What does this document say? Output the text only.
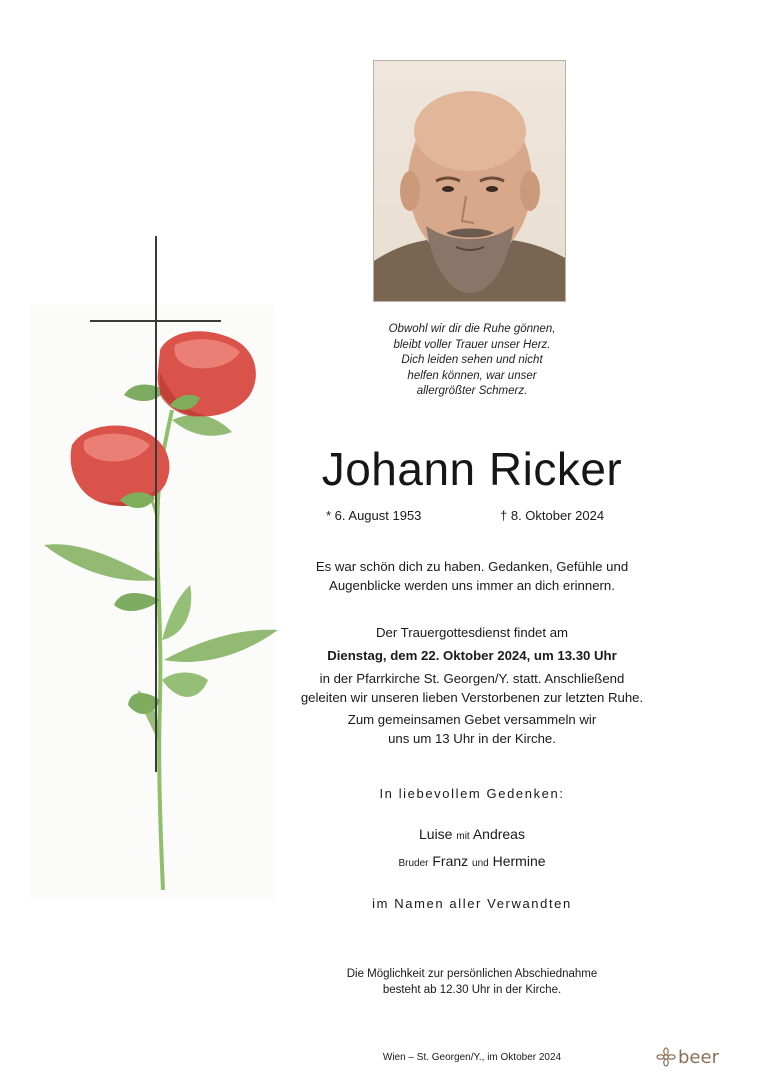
Obwohl wir dir die Ruhe gönnen,
bleibt voller Trauer unser Herz.
Dich leiden sehen und nicht
helfen können, war unser
allergrößter Schmerz.
Johann Ricker
* 6. August 1953	† 8. Oktober 2024
Es war schön dich zu haben. Gedanken, Gefühle und
Augenblicke werden uns immer an dich erinnern.
Der Trauergottesdienst findet am
Dienstag, dem 22. Oktober 2024, um 13.30 Uhr
in der Pfarrkirche St. Georgen/Y. statt. Anschließend
geleiten wir unseren lieben Verstorbenen zur letzten Ruhe.
Zum gemeinsamen Gebet versammeln wir
uns um 13 Uhr in der Kirche.
In liebevollem Gedenken:
Luise mit Andreas
Bruder Franz und Hermine
im Namen aller Verwandten
Die Möglichkeit zur persönlichen Abschiednahme
besteht ab 12.30 Uhr in der Kirche.
Wien – St. Georgen/Y., im Oktober 2024	beer
